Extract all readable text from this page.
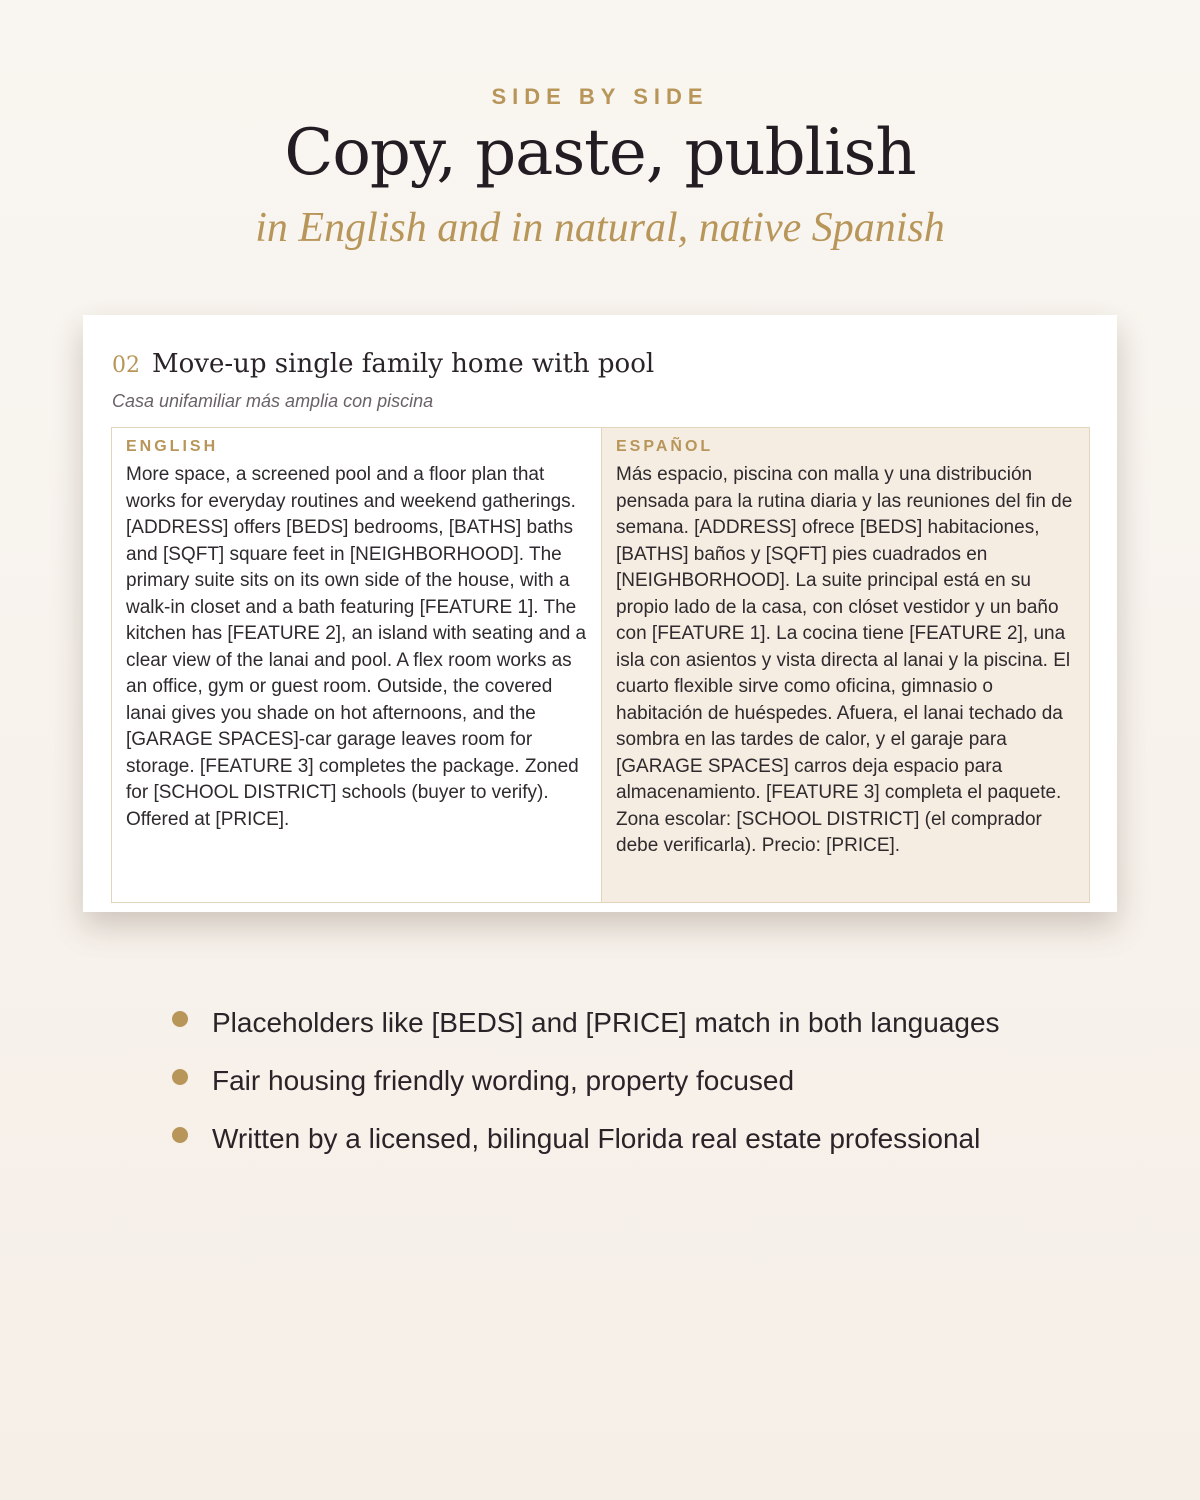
SIDE BY SIDE
Copy, paste, publish
in English and in natural, native Spanish
02 Move-up single family home with pool
Casa unifamiliar más amplia con piscina
ENGLISH
More space, a screened pool and a floor plan that works for everyday routines and weekend gatherings. [ADDRESS] offers [BEDS] bedrooms, [BATHS] baths and [SQFT] square feet in [NEIGHBORHOOD]. The primary suite sits on its own side of the house, with a walk-in closet and a bath featuring [FEATURE 1]. The kitchen has [FEATURE 2], an island with seating and a clear view of the lanai and pool. A flex room works as an office, gym or guest room. Outside, the covered lanai gives you shade on hot afternoons, and the [GARAGE SPACES]-car garage leaves room for storage. [FEATURE 3] completes the package. Zoned for [SCHOOL DISTRICT] schools (buyer to verify). Offered at [PRICE].
ESPAÑOL
Más espacio, piscina con malla y una distribución pensada para la rutina diaria y las reuniones del fin de semana. [ADDRESS] ofrece [BEDS] habitaciones, [BATHS] baños y [SQFT] pies cuadrados en [NEIGHBORHOOD]. La suite principal está en su propio lado de la casa, con clóset vestidor y un baño con [FEATURE 1]. La cocina tiene [FEATURE 2], una isla con asientos y vista directa al lanai y la piscina. El cuarto flexible sirve como oficina, gimnasio o habitación de huéspedes. Afuera, el lanai techado da sombra en las tardes de calor, y el garaje para [GARAGE SPACES] carros deja espacio para almacenamiento. [FEATURE 3] completa el paquete. Zona escolar: [SCHOOL DISTRICT] (el comprador debe verificarla). Precio: [PRICE].
Placeholders like [BEDS] and [PRICE] match in both languages
Fair housing friendly wording, property focused
Written by a licensed, bilingual Florida real estate professional
